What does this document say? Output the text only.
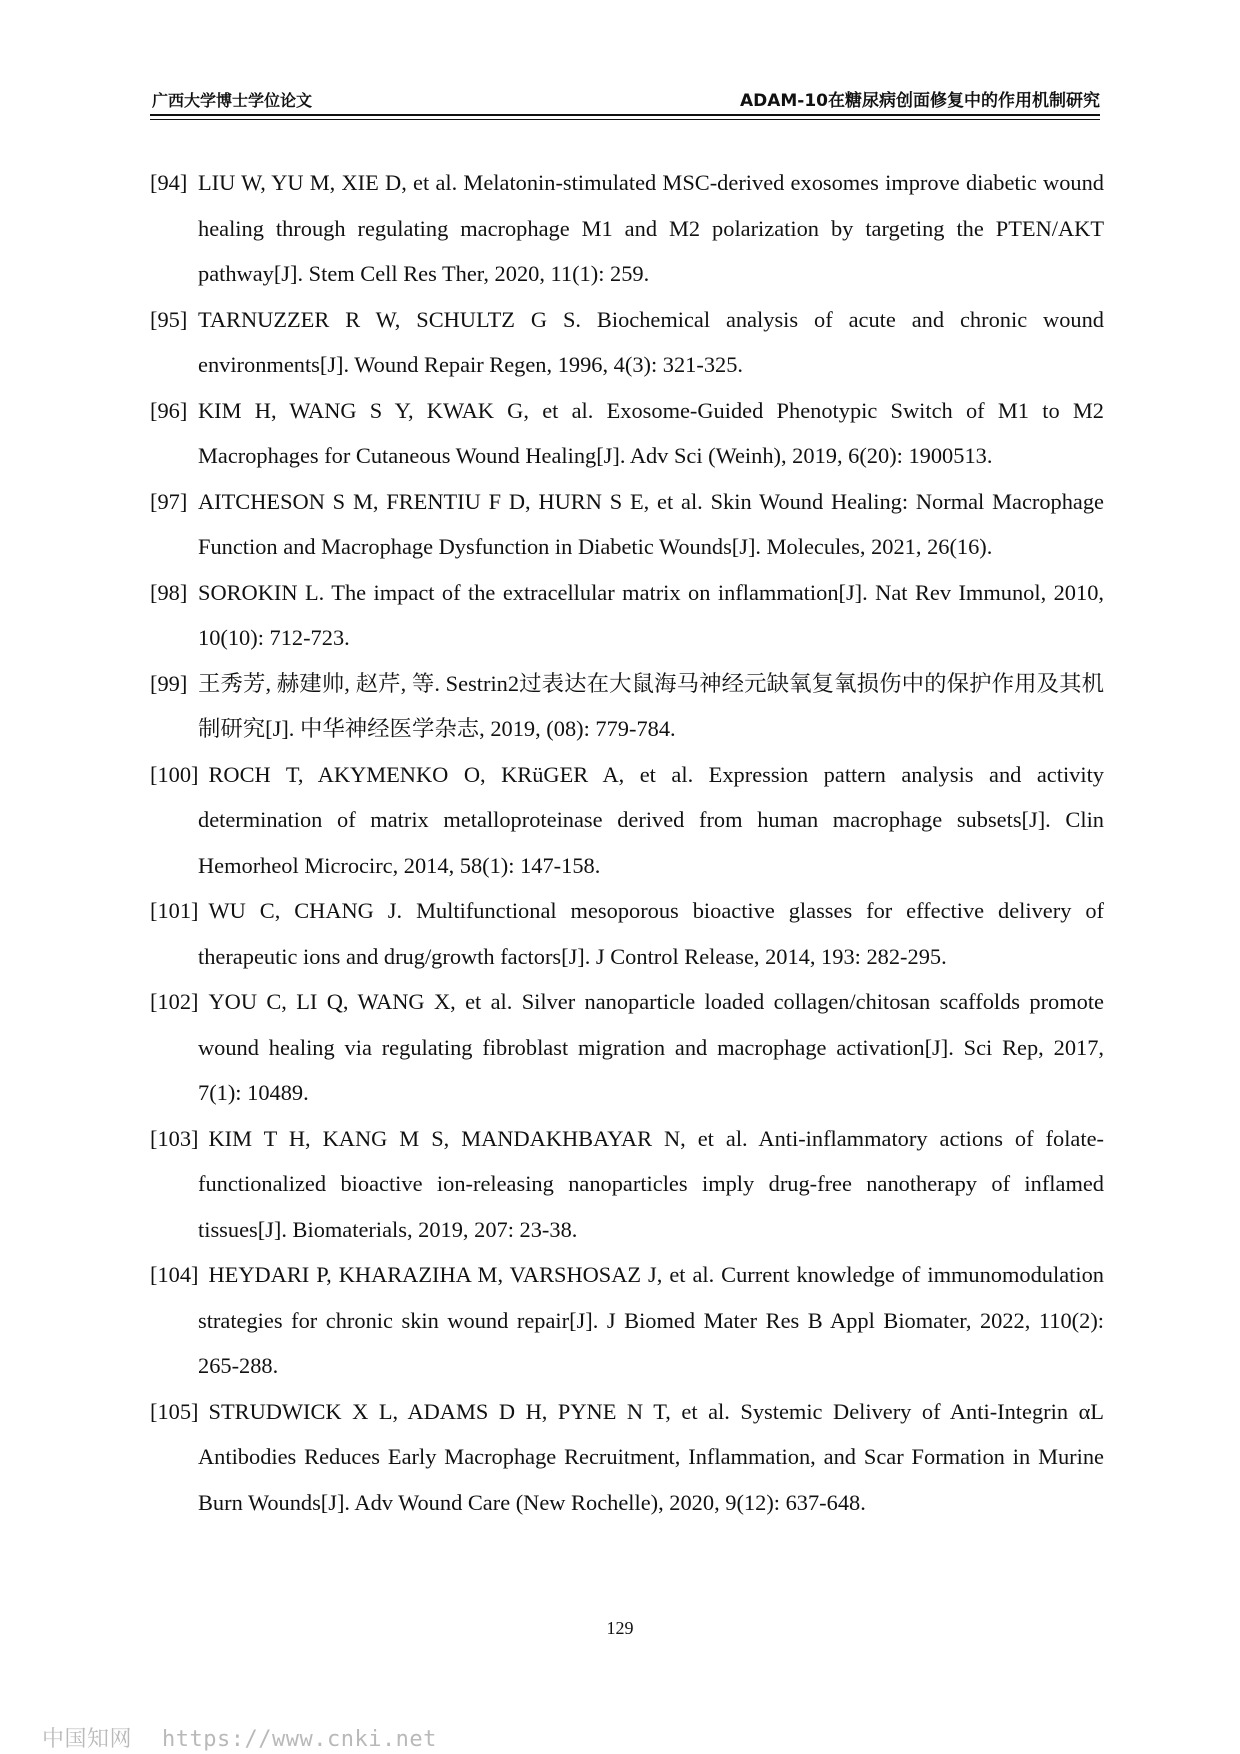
广西大学博士学位论文	ADAM-10在糖尿病创面修复中的作用机制研究
[94] LIU W, YU M, XIE D, et al. Melatonin-stimulated MSC-derived exosomes improve diabetic wound healing through regulating macrophage M1 and M2 polarization by targeting the PTEN/AKT pathway[J]. Stem Cell Res Ther, 2020, 11(1): 259.
[95] TARNUZZER R W, SCHULTZ G S. Biochemical analysis of acute and chronic wound environments[J]. Wound Repair Regen, 1996, 4(3): 321-325.
[96] KIM H, WANG S Y, KWAK G, et al. Exosome-Guided Phenotypic Switch of M1 to M2 Macrophages for Cutaneous Wound Healing[J]. Adv Sci (Weinh), 2019, 6(20): 1900513.
[97] AITCHESON S M, FRENTIU F D, HURN S E, et al. Skin Wound Healing: Normal Macrophage Function and Macrophage Dysfunction in Diabetic Wounds[J]. Molecules, 2021, 26(16).
[98] SOROKIN L. The impact of the extracellular matrix on inflammation[J]. Nat Rev Immunol, 2010, 10(10): 712-723.
[99] 王秀芳, 赫建帅, 赵芹, 等. Sestrin2过表达在大鼠海马神经元缺氧复氧损伤中的保护作用及其机制研究[J]. 中华神经医学杂志, 2019, (08): 779-784.
[100] ROCH T, AKYMENKO O, KRüGER A, et al. Expression pattern analysis and activity determination of matrix metalloproteinase derived from human macrophage subsets[J]. Clin Hemorheol Microcirc, 2014, 58(1): 147-158.
[101] WU C, CHANG J. Multifunctional mesoporous bioactive glasses for effective delivery of therapeutic ions and drug/growth factors[J]. J Control Release, 2014, 193: 282-295.
[102] YOU C, LI Q, WANG X, et al. Silver nanoparticle loaded collagen/chitosan scaffolds promote wound healing via regulating fibroblast migration and macrophage activation[J]. Sci Rep, 2017, 7(1): 10489.
[103] KIM T H, KANG M S, MANDAKHBAYAR N, et al. Anti-inflammatory actions of folate-functionalized bioactive ion-releasing nanoparticles imply drug-free nanotherapy of inflamed tissues[J]. Biomaterials, 2019, 207: 23-38.
[104] HEYDARI P, KHARAZIHA M, VARSHOSAZ J, et al. Current knowledge of immunomodulation strategies for chronic skin wound repair[J]. J Biomed Mater Res B Appl Biomater, 2022, 110(2): 265-288.
[105] STRUDWICK X L, ADAMS D H, PYNE N T, et al. Systemic Delivery of Anti-Integrin αL Antibodies Reduces Early Macrophage Recruitment, Inflammation, and Scar Formation in Murine Burn Wounds[J]. Adv Wound Care (New Rochelle), 2020, 9(12): 637-648.
129
中国知网 https://www.cnki.net
